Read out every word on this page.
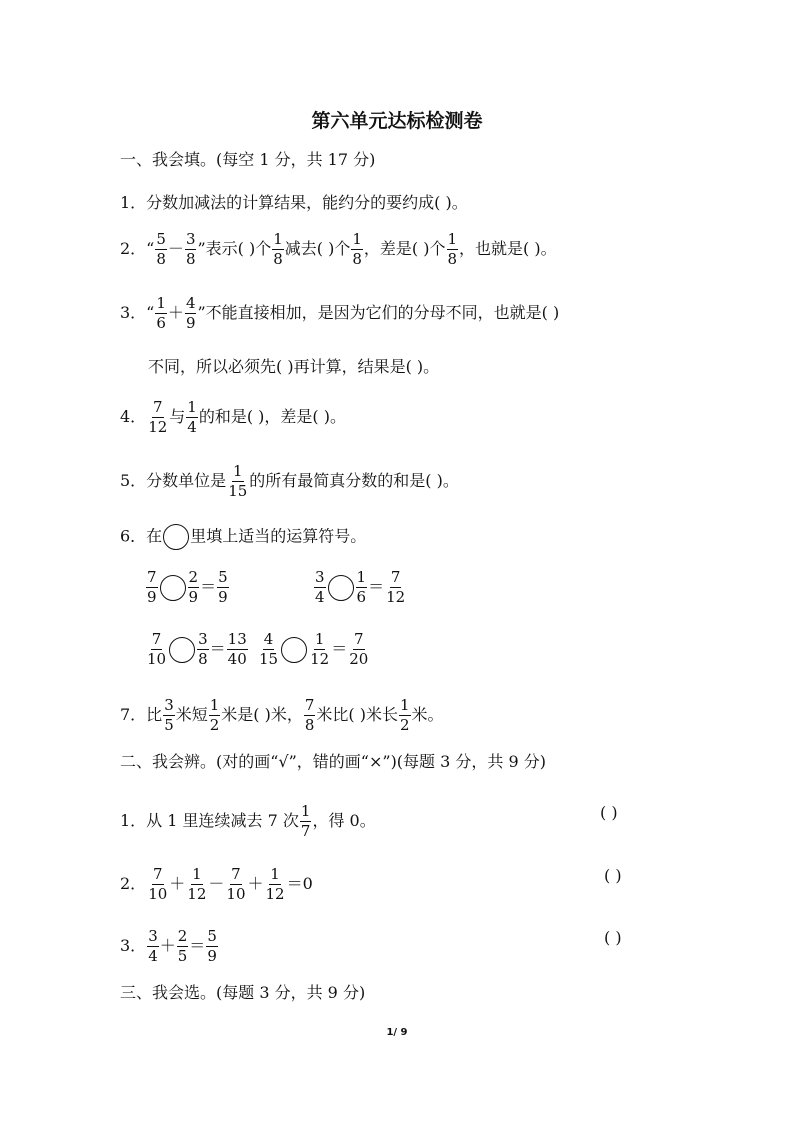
第六单元达标检测卷
一、我会填。(每空 1 分，共 17 分)
1．分数加减法的计算结果，能约分的要约成( )。
2．“ $\frac{5}{8} - \frac{3}{8}$ ”表示( )个 $\frac{1}{8}$ 减去( )个 $\frac{1}{8}$ ，差是( )个 $\frac{1}{8}$ ，也就是( )。
3．“ $\frac{1}{6} + \frac{4}{9}$ ”不能直接相加，是因为它们的分母不同，也就是( )
不同，所以必须先( )再计算，结果是( )。
4． $\frac{7}{12}$ 与 $\frac{1}{4}$ 的和是( )，差是( )。
5．分数单位是 $\frac{1}{15}$ 的所有最简真分数的和是( )。
6．在 里填上适当的运算符号。
$\frac{7}{9} \frac{2}{9} = \frac{5}{9}$	$\frac{3}{4} \frac{1}{6} = \frac{7}{12}$
$\frac{7}{10} \frac{3}{8} = \frac{13}{40} \frac{4}{15} \frac{1}{12} = \frac{7}{20}$
7．比 $\frac{3}{5}$ 米短 $\frac{1}{2}$ 米是( )米， $\frac{7}{8}$ 米比( )米长 $\frac{1}{2}$ 米。
二、我会辨。(对的画“√”，错的画“×”)(每题 3 分，共 9 分)
1．从 1 里连续减去 7 次 $\frac{1}{7}$ ，得 0。	( )
2． $\frac{7}{10} + \frac{1}{12} - \frac{7}{10} + \frac{1}{12} =0$	( )
3． $\frac{3}{4} + \frac{2}{5} = \frac{5}{9}$	( )
三、我会选。(每题 3 分，共 9 分)
1/ 9
